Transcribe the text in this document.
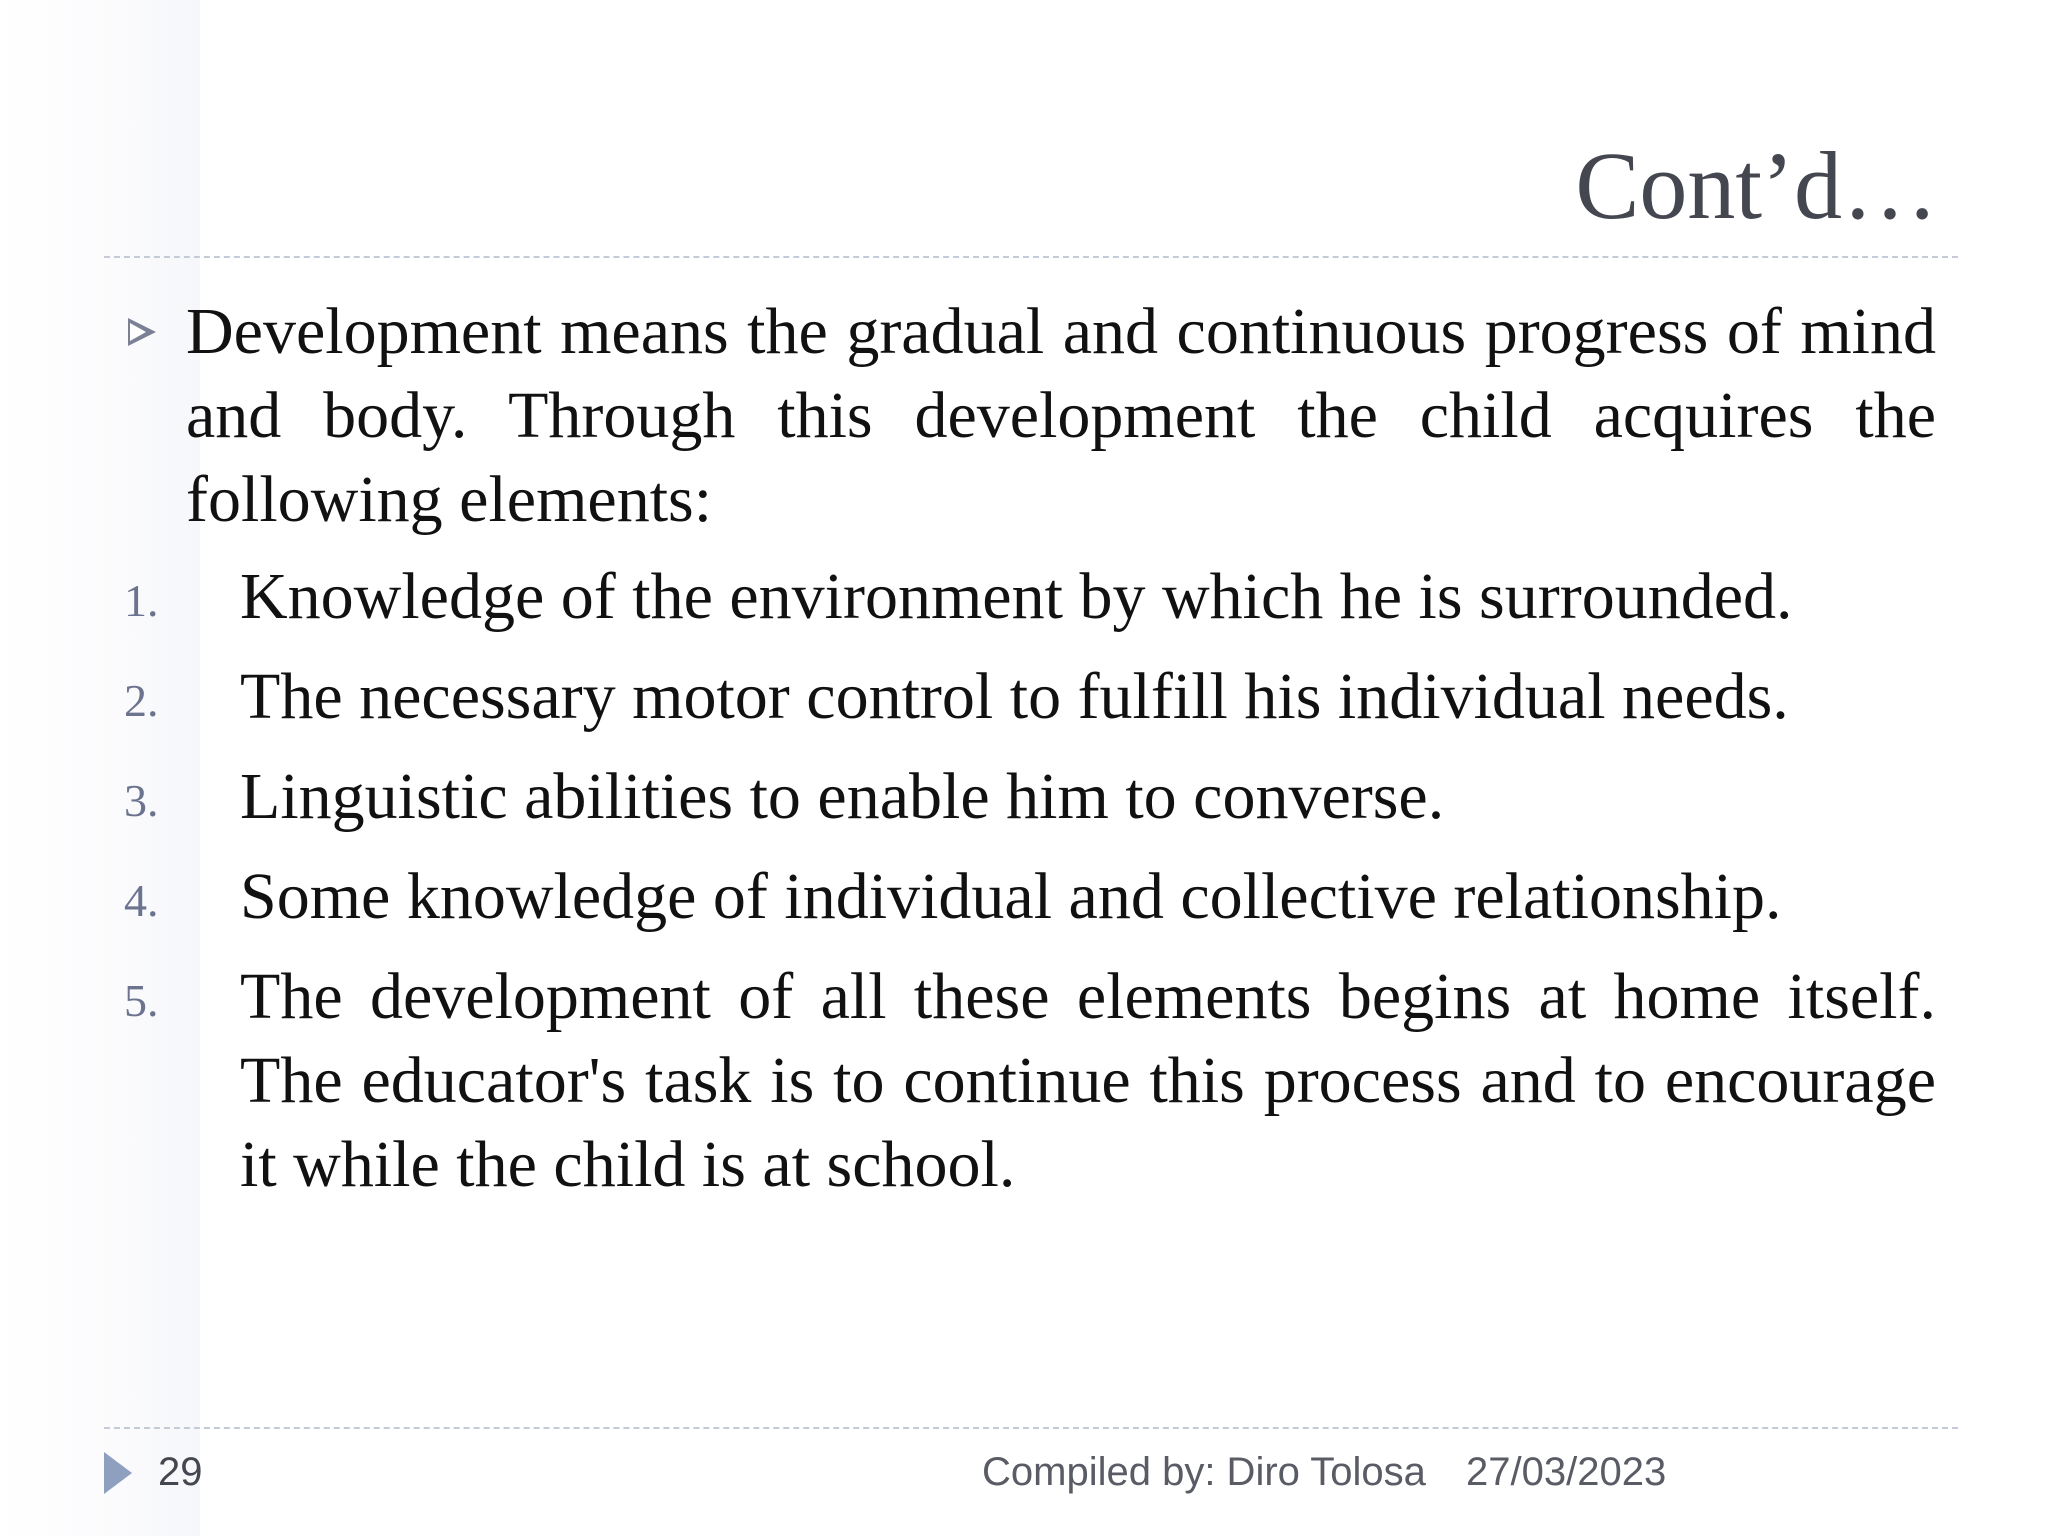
Cont’d…
Development means the gradual and continuous progress of mind and body. Through this development the child acquires the following elements:
1. Knowledge of the environment by which he is surrounded.
2. The necessary motor control to fulfill his individual needs.
3. Linguistic abilities to enable him to converse.
4. Some knowledge of individual and collective relationship.
5. The development of all these elements begins at home itself. The educator's task is to continue this process and to encourage it while the child is at school.
29	Compiled by: Diro Tolosa 27/03/2023
